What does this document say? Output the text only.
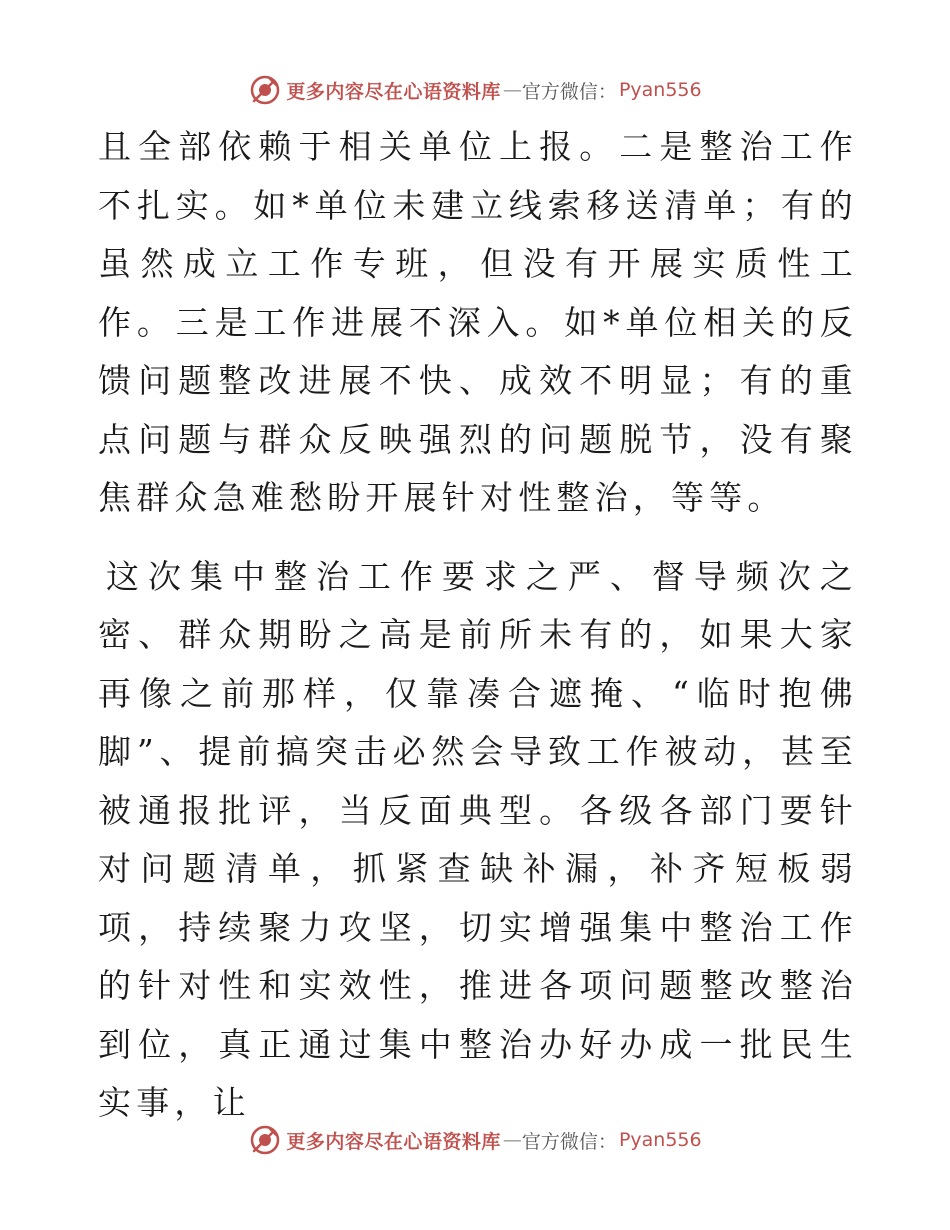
更多内容尽在心语资料库 — 官方微信： Pyan556

且全部依赖于相关单位上报。二是整治工作不扎实。如*单位未建立线索移送清单；有的虽然成立工作专班，但没有开展实质性工作。三是工作进展不深入。如*单位相关的反馈问题整改进展不快、成效不明显；有的重点问题与群众反映强烈的问题脱节，没有聚焦群众急难愁盼开展针对性整治，等等。

这次集中整治工作要求之严、督导频次之密、群众期盼之高是前所未有的，如果大家再像之前那样，仅靠凑合遮掩、“临时抱佛脚”、提前搞突击必然会导致工作被动，甚至被通报批评，当反面典型。各级各部门要针对问题清单，抓紧查缺补漏，补齐短板弱项，持续聚力攻坚，切实增强集中整治工作的针对性和实效性，推进各项问题整改整治到位，真正通过集中整治办好办成一批民生实事，让

更多内容尽在心语资料库 — 官方微信： Pyan556
